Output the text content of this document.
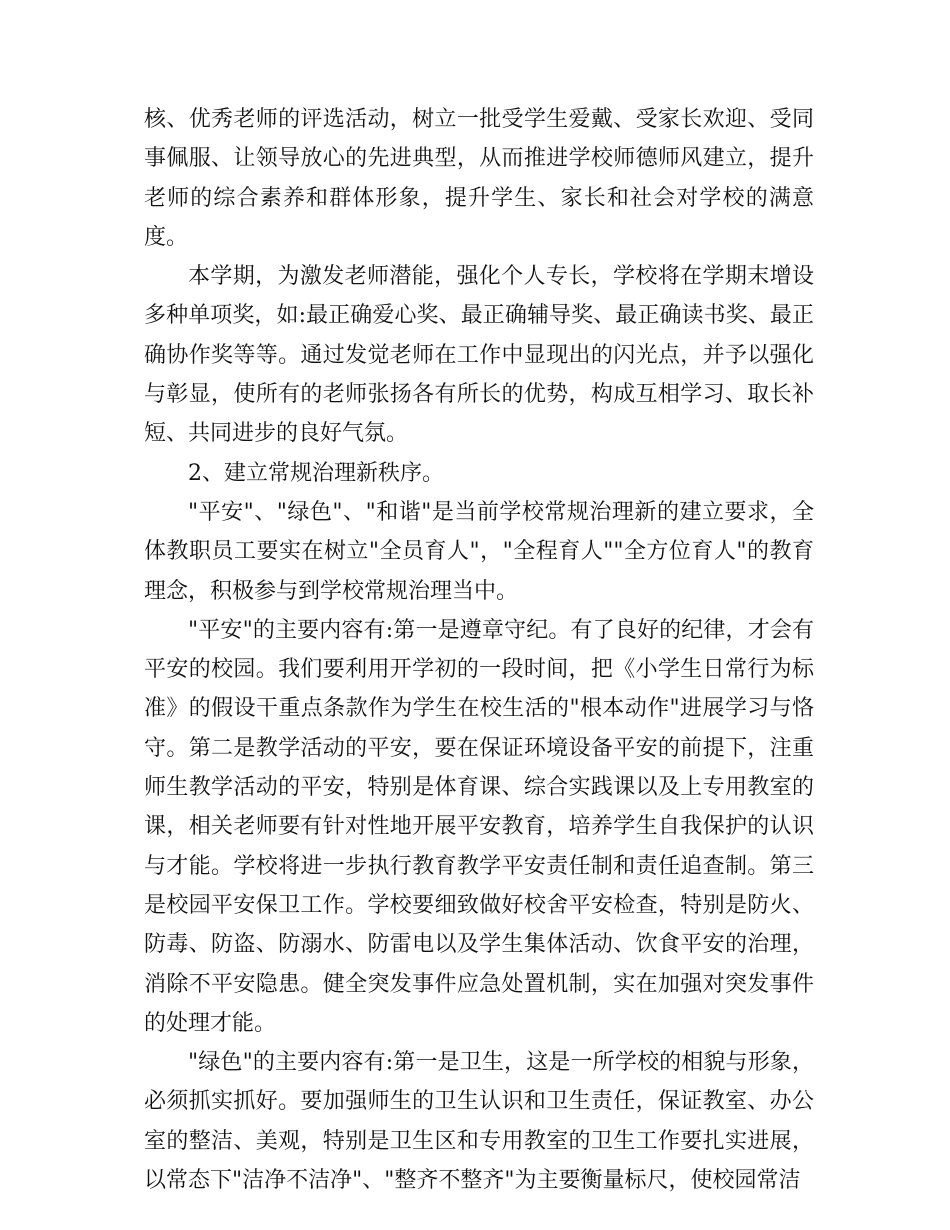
核、优秀老师的评选活动，树立一批受学生爱戴、受家长欢迎、受同事佩服、让领导放心的先进典型，从而推进学校师德师风建立，提升老师的综合素养和群体形象，提升学生、家长和社会对学校的满意度。

本学期，为激发老师潜能，强化个人专长，学校将在学期末增设多种单项奖，如:最正确爱心奖、最正确辅导奖、最正确读书奖、最正确协作奖等等。通过发觉老师在工作中显现出的闪光点，并予以强化与彰显，使所有的老师张扬各有所长的优势，构成互相学习、取长补短、共同进步的良好气氛。

2、建立常规治理新秩序。

"平安"、"绿色"、"和谐"是当前学校常规治理新的建立要求，全体教职员工要实在树立"全员育人"，"全程育人""全方位育人"的教育理念，积极参与到学校常规治理当中。

"平安"的主要内容有:第一是遵章守纪。有了良好的纪律，才会有平安的校园。我们要利用开学初的一段时间，把《小学生日常行为标准》的假设干重点条款作为学生在校生活的"根本动作"进展学习与恪守。第二是教学活动的平安，要在保证环境设备平安的前提下，注重师生教学活动的平安，特别是体育课、综合实践课以及上专用教室的课，相关老师要有针对性地开展平安教育，培养学生自我保护的认识与才能。学校将进一步执行教育教学平安责任制和责任追查制。第三是校园平安保卫工作。学校要细致做好校舍平安检查，特别是防火、防毒、防盗、防溺水、防雷电以及学生集体活动、饮食平安的治理，消除不平安隐患。健全突发事件应急处置机制，实在加强对突发事件的处理才能。

"绿色"的主要内容有:第一是卫生，这是一所学校的相貌与形象，必须抓实抓好。要加强师生的卫生认识和卫生责任，保证教室、办公室的整洁、美观，特别是卫生区和专用教室的卫生工作要扎实进展，以常态下"洁净不洁净"、"整齐不整齐"为主要衡量标尺，使校园常洁
